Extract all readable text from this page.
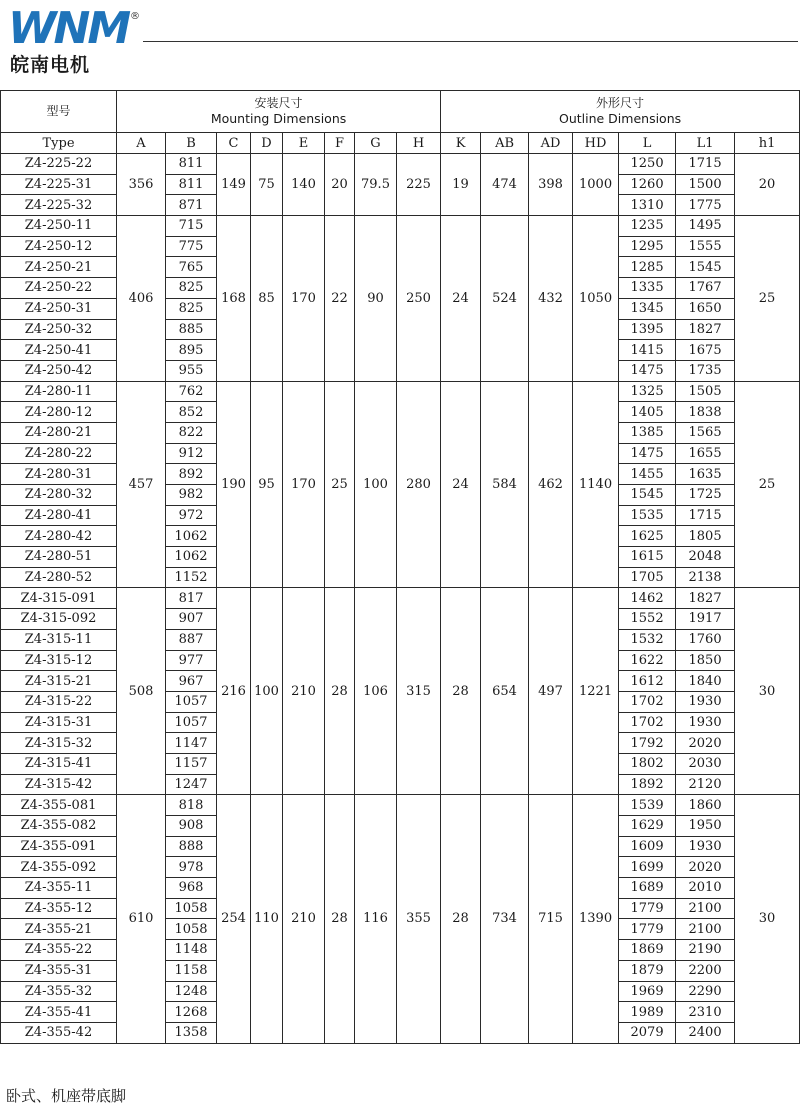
WNM ®
皖南电机
型号	安装尺寸
Mounting Dimensions								外形尺寸
Outline Dimensions						

Type	A	B	C	D	E	F	G	H	K	AB	AD	HD	L	L1	h1
Z4-225-22	356	811	149	75	140	20	79.5	225	19	474	398	1000	1250	1715	20
Z4-225-31		811											1260	1500	
Z4-225-32		871											1310	1775	
Z4-250-11	406	715	168	85	170	22	90	250	24	524	432	1050	1235	1495	25
Z4-250-12		775											1295	1555	
Z4-250-21		765											1285	1545	
Z4-250-22		825											1335	1767	
Z4-250-31		825											1345	1650	
Z4-250-32		885											1395	1827	
Z4-250-41		895											1415	1675	
Z4-250-42		955											1475	1735	
Z4-280-11	457	762	190	95	170	25	100	280	24	584	462	1140	1325	1505	25
Z4-280-12		852											1405	1838	
Z4-280-21		822											1385	1565	
Z4-280-22		912											1475	1655	
Z4-280-31		892											1455	1635	
Z4-280-32		982											1545	1725	
Z4-280-41		972											1535	1715	
Z4-280-42		1062											1625	1805	
Z4-280-51		1062											1615	2048	
Z4-280-52		1152											1705	2138	
Z4-315-091	508	817	216	100	210	28	106	315	28	654	497	1221	1462	1827	30
Z4-315-092		907											1552	1917	
Z4-315-11		887											1532	1760	
Z4-315-12		977											1622	1850	
Z4-315-21		967											1612	1840	
Z4-315-22		1057											1702	1930	
Z4-315-31		1057											1702	1930	
Z4-315-32		1147											1792	2020	
Z4-315-41		1157											1802	2030	
Z4-315-42		1247											1892	2120	
Z4-355-081	610	818	254	110	210	28	116	355	28	734	715	1390	1539	1860	30
Z4-355-082		908											1629	1950	
Z4-355-091		888											1609	1930	
Z4-355-092		978											1699	2020	
Z4-355-11		968											1689	2010	
Z4-355-12		1058											1779	2100	
Z4-355-21		1058											1779	2100	
Z4-355-22		1148											1869	2190	
Z4-355-31		1158											1879	2200	
Z4-355-32		1248											1969	2290	
Z4-355-41		1268											1989	2310	
Z4-355-42		1358											2079	2400	
卧式、机座带底脚
